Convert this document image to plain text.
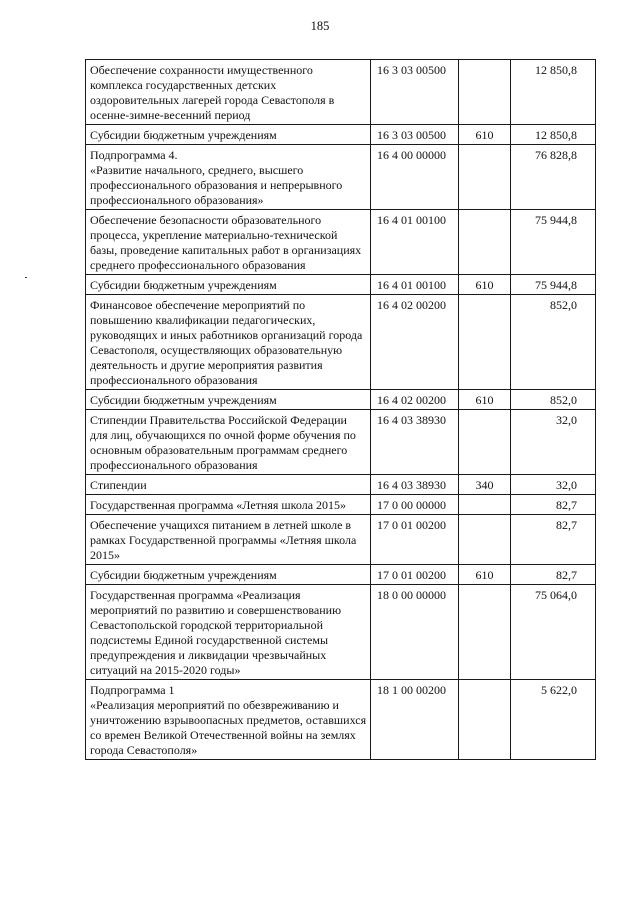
185
Обеспечение сохранности имущественного комплекса государственных детских оздоровительных лагерей города Севастополя в осенне-зимне-весенний период	16 3 03 00500		12 850,8
Субсидии бюджетным учреждениям	16 3 03 00500	610	12 850,8
Подпрограмма 4.
«Развитие начального, среднего, высшего профессионального образования и непрерывного профессионального образования»	16 4 00 00000		76 828,8
Обеспечение безопасности образовательного процесса, укрепление материально-технической базы, проведение капитальных работ в организациях среднего профессионального образования	16 4 01 00100		75 944,8
Субсидии бюджетным учреждениям	16 4 01 00100	610	75 944,8
Финансовое обеспечение мероприятий по повышению квалификации педагогических, руководящих и иных работников организаций города Севастополя, осуществляющих образовательную деятельность и другие мероприятия развития профессионального образования	16 4 02 00200		852,0
Субсидии бюджетным учреждениям	16 4 02 00200	610	852,0
Стипендии Правительства Российской Федерации для лиц, обучающихся по очной форме обучения по основным образовательным программам среднего профессионального образования	16 4 03 38930		32,0
Стипендии	16 4 03 38930	340	32,0
Государственная программа «Летняя школа 2015»	17 0 00 00000		82,7
Обеспечение учащихся питанием в летней школе в рамках Государственной программы «Летняя школа 2015»	17 0 01 00200		82,7
Субсидии бюджетным учреждениям	17 0 01 00200	610	82,7
Государственная программа «Реализация мероприятий по развитию и совершенствованию Севастопольской городской территориальной подсистемы Единой государственной системы предупреждения и ликвидации чрезвычайных ситуаций на 2015-2020 годы»	18 0 00 00000		75 064,0
Подпрограмма 1
«Реализация мероприятий по обезвреживанию и уничтожению взрывоопасных предметов, оставшихся со времен Великой Отечественной войны на землях города Севастополя»	18 1 00 00200		5 622,0
